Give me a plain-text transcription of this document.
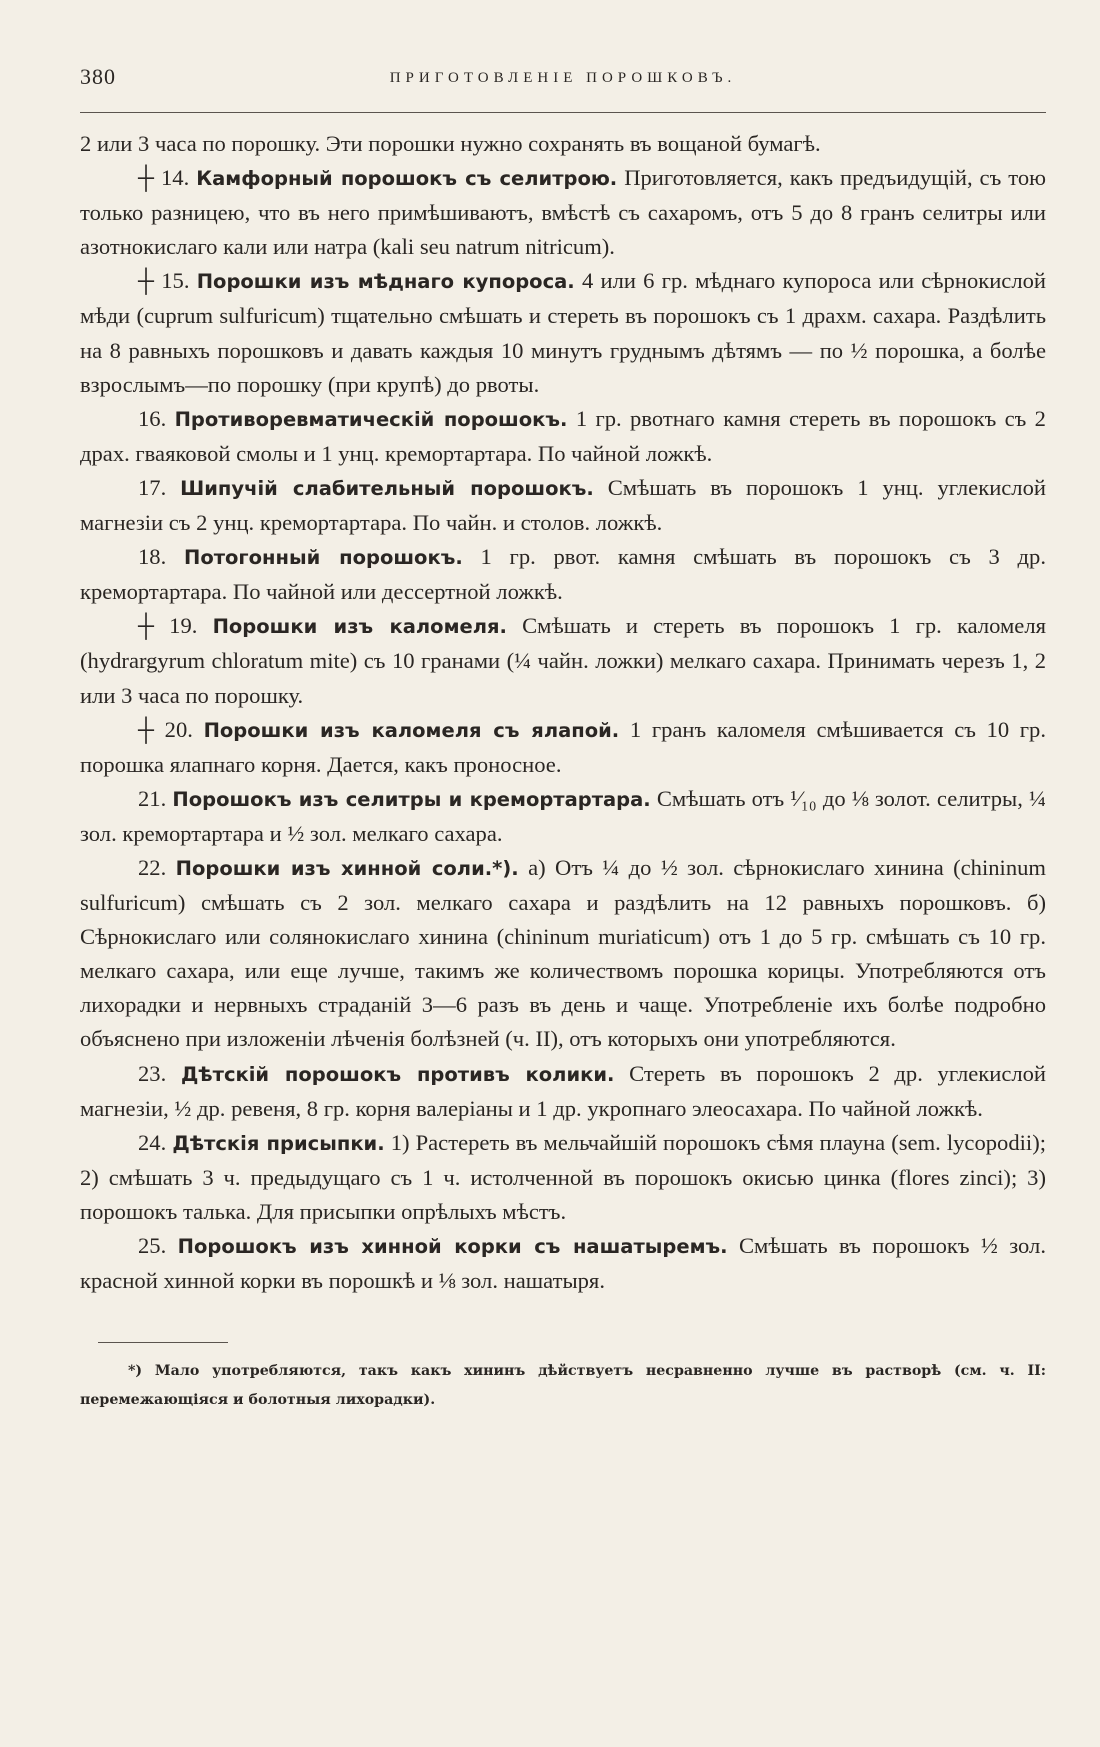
380	ПРИГОТОВЛЕНІЕ ПОРОШКОВЪ.

2 или 3 часа по порошку. Эти порошки нужно сохранять въ вощаной бумагѣ.

┼ 14. Камфорный порошокъ съ селитрою. Приготовляется, какъ предъидущій, съ тою только разницею, что въ него примѣшиваютъ, вмѣстѣ съ сахаромъ, отъ 5 до 8 гранъ селитры или азотнокислаго кали или натра (kali seu natrum nitricum).

┼ 15. Порошки изъ мѣднаго купороса. 4 или 6 гр. мѣднаго купороса или сѣрнокислой мѣди (cuprum sulfuricum) тщательно смѣшать и стереть въ порошокъ съ 1 драхм. сахара. Раздѣлить на 8 равныхъ порошковъ и давать каждыя 10 минутъ груднымъ дѣтямъ — по ½ порошка, а болѣе взрослымъ—по порошку (при крупѣ) до рвоты.

16. Противоревматическій порошокъ. 1 гр. рвотнаго камня стереть въ порошокъ съ 2 драх. гваяковой смолы и 1 унц. кремортартара. По чайной ложкѣ.

17. Шипучій слабительный порошокъ. Смѣшать въ порошокъ 1 унц. углекислой магнезіи съ 2 унц. кремортартара. По чайн. и столов. ложкѣ.

18. Потогонный порошокъ. 1 гр. рвот. камня смѣшать въ порошокъ съ 3 др. кремортартара. По чайной или дессертной ложкѣ.

┼ 19. Порошки изъ каломеля. Смѣшать и стереть въ порошокъ 1 гр. каломеля (hydrargyrum chloratum mite) съ 10 гранами (¼ чайн. ложки) мелкаго сахара. Принимать черезъ 1, 2 или 3 часа по порошку.

┼ 20. Порошки изъ каломеля съ ялапой. 1 гранъ каломеля смѣшивается съ 10 гр. порошка ялапнаго корня. Дается, какъ проносное.

21. Порошокъ изъ селитры и кремортартара. Смѣшать отъ ¹⁄₁₀ до ⅛ золот. селитры, ¼ зол. кремортартара и ½ зол. мелкаго сахара.

22. Порошки изъ хинной соли.*). а) Отъ ¼ до ½ зол. сѣрнокислаго хинина (chininum sulfuricum) смѣшать съ 2 зол. мелкаго сахара и раздѣлить на 12 равныхъ порошковъ. б) Сѣрнокислаго или солянокислаго хинина (chininum muriaticum) отъ 1 до 5 гр. смѣшать съ 10 гр. мелкаго сахара, или еще лучше, такимъ же количествомъ порошка корицы. Употребляются отъ лихорадки и нервныхъ страданій 3—6 разъ въ день и чаще. Употребленіе ихъ болѣе подробно объяснено при изложеніи лѣченія болѣзней (ч. II), отъ которыхъ они употребляются.

23. Дѣтскій порошокъ противъ колики. Стереть въ порошокъ 2 др. углекислой магнезіи, ½ др. ревеня, 8 гр. корня валеріаны и 1 др. укропнаго элеосахара. По чайной ложкѣ.

24. Дѣтскія присыпки. 1) Растереть въ мельчайшій порошокъ сѣмя плауна (sem. lycopodii); 2) смѣшать 3 ч. предыдущаго съ 1 ч. истолченной въ порошокъ окисью цинка (flores zinci); 3) порошокъ талька. Для присыпки опрѣлыхъ мѣстъ.

25. Порошокъ изъ хинной корки съ нашатыремъ. Смѣшать въ порошокъ ½ зол. красной хинной корки въ порошкѣ и ⅛ зол. нашатыря.

*) Мало употребляются, такъ какъ хининъ дѣйствуетъ несравненно лучше въ растворѣ (см. ч. II: перемежающіяся и болотныя лихорадки).
